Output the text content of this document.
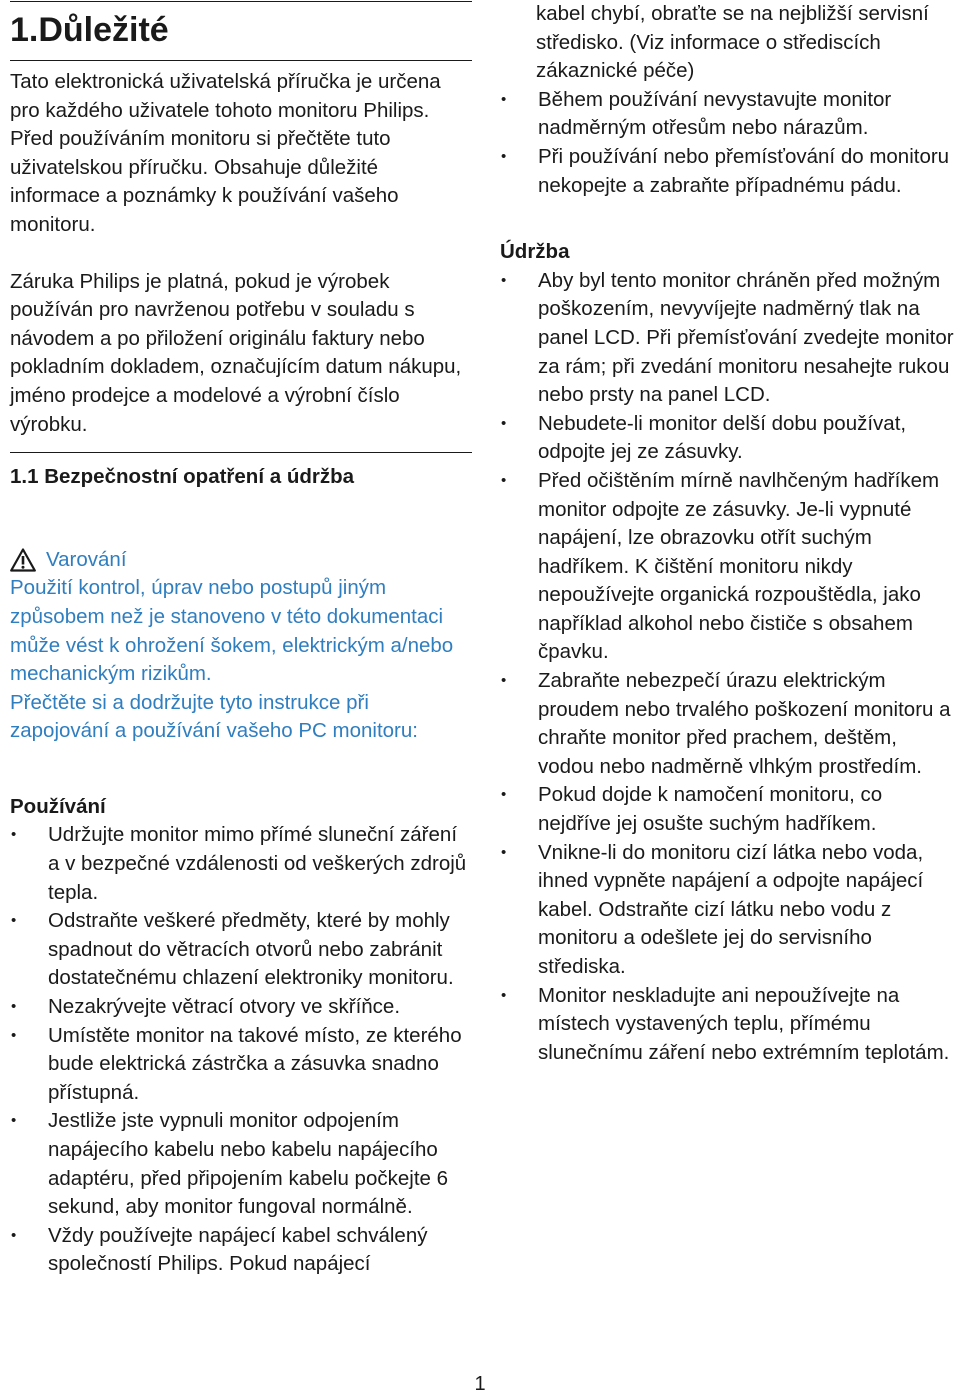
1.Důležité

Tato elektronická uživatelská příručka je určena pro každého uživatele tohoto monitoru Philips. Před používáním monitoru si přečtěte tuto uživatelskou příručku. Obsahuje důležité informace a poznámky k používání vašeho monitoru.

Záruka Philips je platná, pokud je výrobek používán pro navrženou potřebu v souladu s návodem a po přiložení originálu faktury nebo pokladním dokladem, označujícím datum nákupu, jméno prodejce a modelové a výrobní číslo výrobku.

1.1 Bezpečnostní opatření a údržba
Varování

Použití kontrol, úprav nebo postupů jiným způsobem než je stanoveno v této dokumentaci může vést k ohrožení šokem, elektrickým a/nebo mechanickým rizikům.

Přečtěte si a dodržujte tyto instrukce při zapojování a používání vašeho PC monitoru:

Používání
• Udržujte monitor mimo přímé sluneční záření a v bezpečné vzdálenosti od veškerých zdrojů tepla.
• Odstraňte veškeré předměty, které by mohly spadnout do větracích otvorů nebo zabránit dostatečnému chlazení elektroniky monitoru.
• Nezakrývejte větrací otvory ve skříňce.
• Umístěte monitor na takové místo, ze kterého bude elektrická zástrčka a zásuvka snadno přístupná.
• Jestliže jste vypnuli monitor odpojením napájecího kabelu nebo kabelu napájecího adaptéru, před připojením kabelu počkejte 6 sekund, aby monitor fungoval normálně.
• Vždy používejte napájecí kabel schválený společností Philips. Pokud napájecí

kabel chybí, obraťte se na nejbližší servisní středisko. (Viz informace o střediscích zákaznické péče)

• Během používání nevystavujte monitor nadměrným otřesům nebo nárazům.
• Při používání nebo přemísťování do monitoru nekopejte a zabraňte případnému pádu.
Údržba
• Aby byl tento monitor chráněn před možným poškozením, nevyvíjejte nadměrný tlak na panel LCD. Při přemísťování zvedejte monitor za rám; při zvedání monitoru nesahejte rukou nebo prsty na panel LCD.
• Nebudete-li monitor delší dobu používat, odpojte jej ze zásuvky.
• Před očištěním mírně navlhčeným hadříkem monitor odpojte ze zásuvky. Je-li vypnuté napájení, lze obrazovku otřít suchým hadříkem. K čištění monitoru nikdy nepoužívejte organická rozpouštědla, jako například alkohol nebo čističe s obsahem čpavku.
• Zabraňte nebezpečí úrazu elektrickým proudem nebo trvalého poškození monitoru a chraňte monitor před prachem, deštěm, vodou nebo nadměrně vlhkým prostředím.
• Pokud dojde k namočení monitoru, co nejdříve jej osušte suchým hadříkem.
• Vnikne-li do monitoru cizí látka nebo voda, ihned vypněte napájení a odpojte napájecí kabel. Odstraňte cizí látku nebo vodu z monitoru a odešlete jej do servisního střediska.
• Monitor neskladujte ani nepoužívejte na místech vystavených teplu, přímému slunečnímu záření nebo extrémním teplotám.
1
